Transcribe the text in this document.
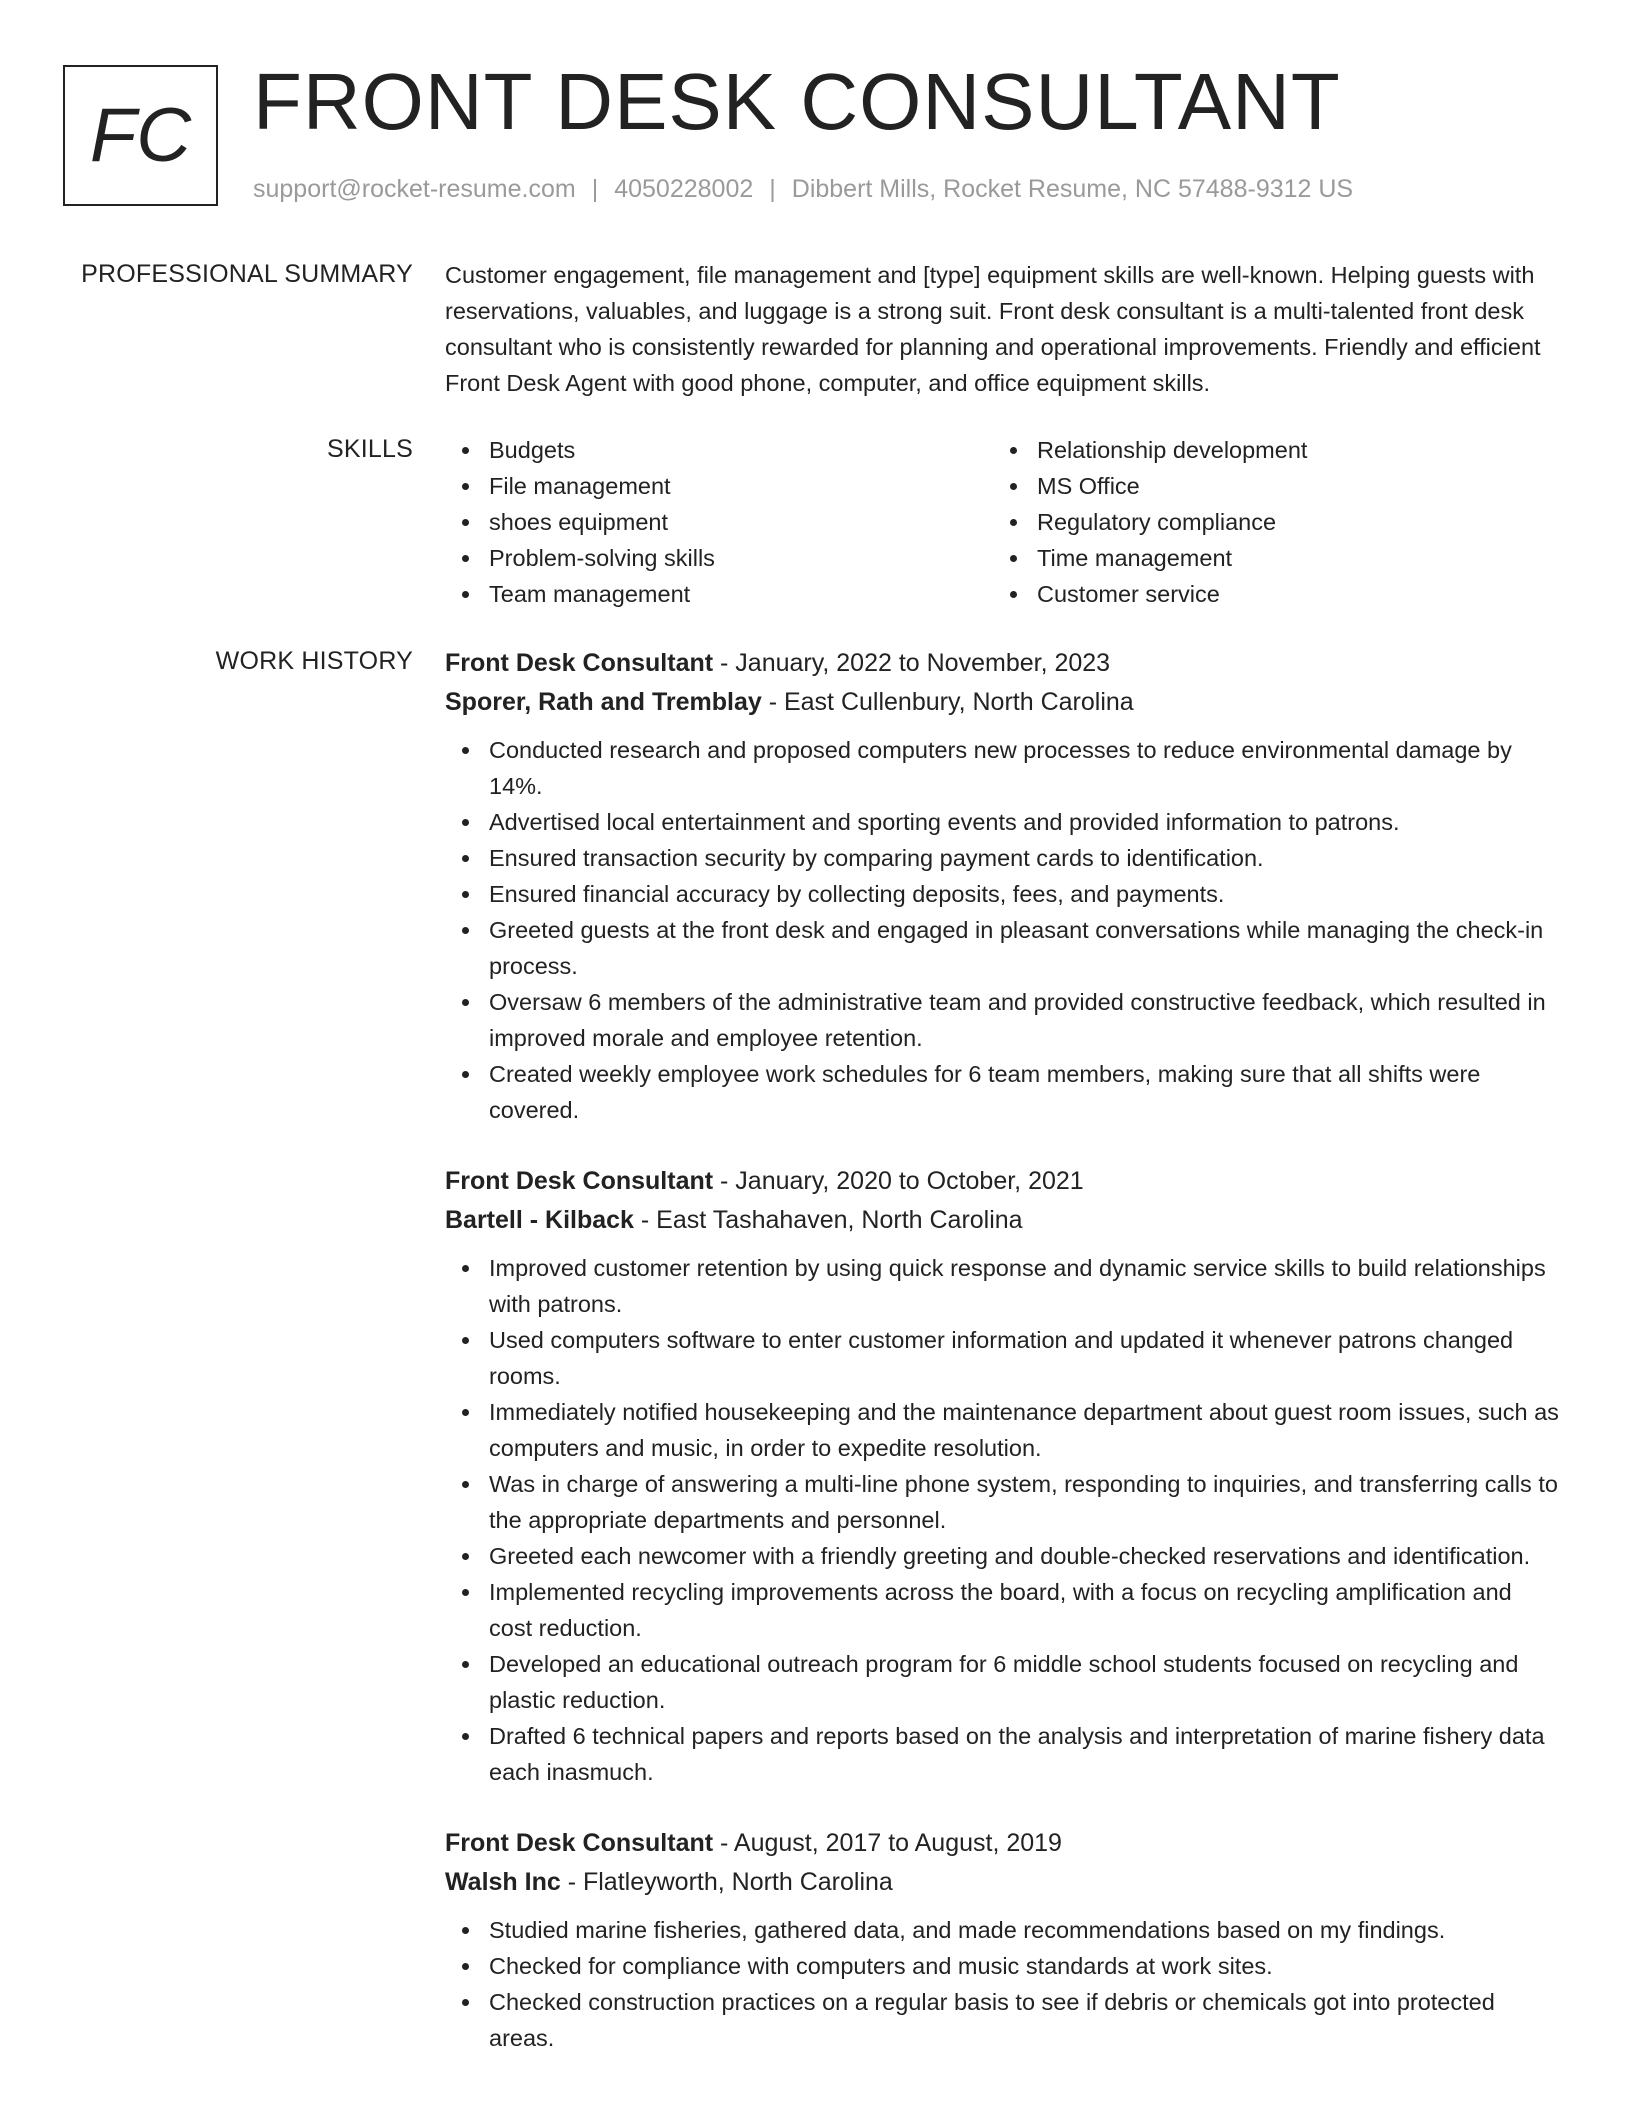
FC FRONT DESK CONSULTANT
support@rocket-resume.com | 4050228002 | Dibbert Mills, Rocket Resume, NC 57488-9312 US
PROFESSIONAL SUMMARY Customer engagement, file management and [type] equipment skills are well-known. Helping guests with reservations, valuables, and luggage is a strong suit. Front desk consultant is a multi-talented front desk consultant who is consistently rewarded for planning and operational improvements. Friendly and efficient Front Desk Agent with good phone, computer, and office equipment skills.

SKILLS	Budgets
File management
shoes equipment
Problem-solving skills
Team management
Relationship development
MS Office
Regulatory compliance
Time management
Customer service
WORK HISTORY Front Desk Consultant - January, 2022 to November, 2023
Sporer, Rath and Tremblay - East Cullenbury, North Carolina
Conducted research and proposed computers new processes to reduce environmental damage by 14%.
Advertised local entertainment and sporting events and provided information to patrons.
Ensured transaction security by comparing payment cards to identification.
Ensured financial accuracy by collecting deposits, fees, and payments.
Greeted guests at the front desk and engaged in pleasant conversations while managing the check-in process.
Oversaw 6 members of the administrative team and provided constructive feedback, which resulted in improved morale and employee retention.
Created weekly employee work schedules for 6 team members, making sure that all shifts were covered.
Front Desk Consultant - January, 2020 to October, 2021
Bartell - Kilback - East Tashahaven, North Carolina
Improved customer retention by using quick response and dynamic service skills to build relationships with patrons.
Used computers software to enter customer information and updated it whenever patrons changed rooms.
Immediately notified housekeeping and the maintenance department about guest room issues, such as computers and music, in order to expedite resolution.
Was in charge of answering a multi-line phone system, responding to inquiries, and transferring calls to the appropriate departments and personnel.
Greeted each newcomer with a friendly greeting and double-checked reservations and identification.
Implemented recycling improvements across the board, with a focus on recycling amplification and cost reduction.
Developed an educational outreach program for 6 middle school students focused on recycling and plastic reduction.
Drafted 6 technical papers and reports based on the analysis and interpretation of marine fishery data each inasmuch.
Front Desk Consultant - August, 2017 to August, 2019
Walsh Inc - Flatleyworth, North Carolina
Studied marine fisheries, gathered data, and made recommendations based on my findings.
Checked for compliance with computers and music standards at work sites.
Checked construction practices on a regular basis to see if debris or chemicals got into protected areas.
